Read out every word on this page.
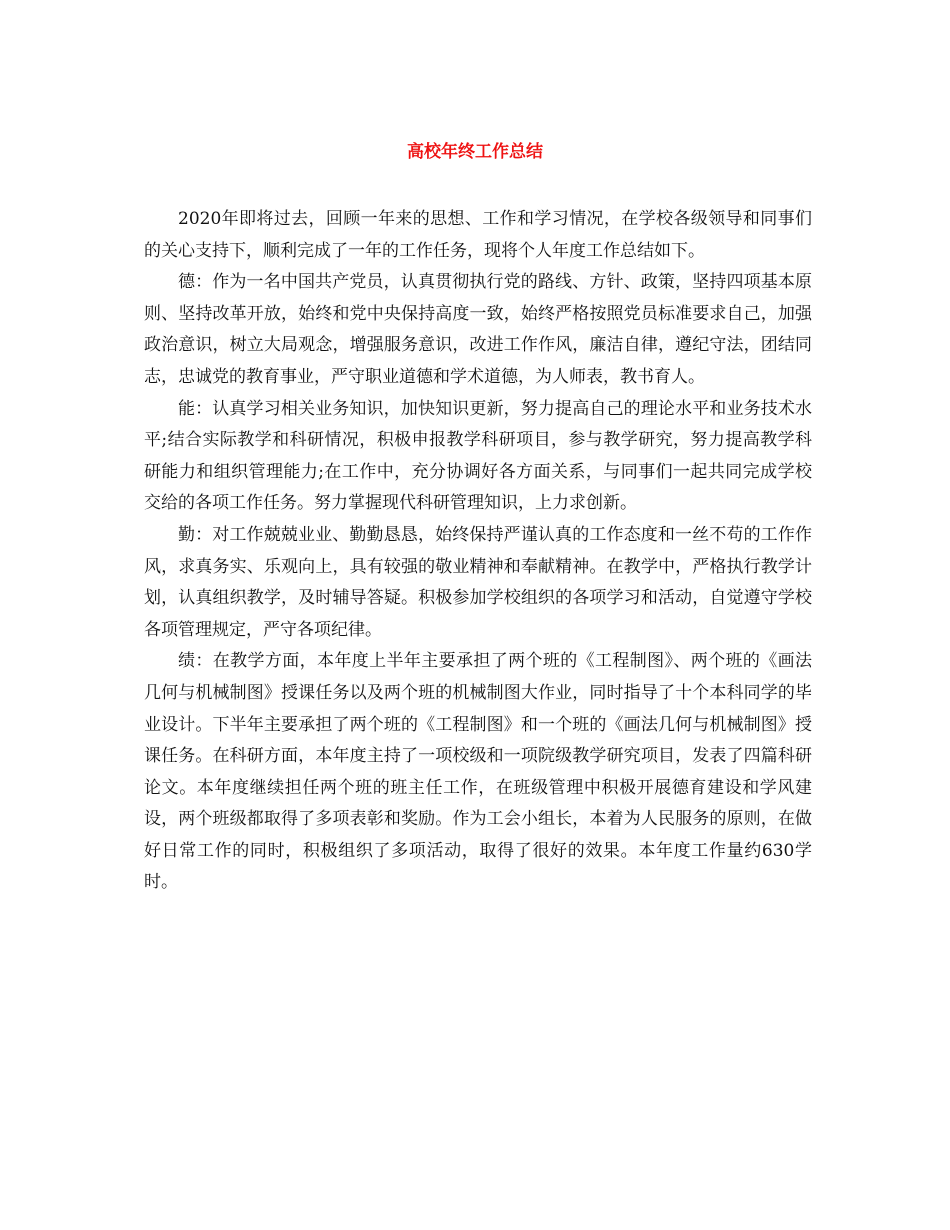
高校年终工作总结

2020年即将过去，回顾一年来的思想、工作和学习情况，在学校各级领导和同事们的关心支持下，顺利完成了一年的工作任务，现将个人年度工作总结如下。

德：作为一名中国共产党员，认真贯彻执行党的路线、方针、政策，坚持四项基本原则、坚持改革开放，始终和党中央保持高度一致，始终严格按照党员标准要求自己，加强政治意识，树立大局观念，增强服务意识，改进工作作风，廉洁自律，遵纪守法，团结同志，忠诚党的教育事业，严守职业道德和学术道德，为人师表，教书育人。

能：认真学习相关业务知识，加快知识更新，努力提高自己的理论水平和业务技术水平;结合实际教学和科研情况，积极申报教学科研项目，参与教学研究，努力提高教学科研能力和组织管理能力;在工作中，充分协调好各方面关系，与同事们一起共同完成学校交给的各项工作任务。努力掌握现代科研管理知识，上力求创新。

勤：对工作兢兢业业、勤勤恳恳，始终保持严谨认真的工作态度和一丝不苟的工作作风，求真务实、乐观向上，具有较强的敬业精神和奉献精神。在教学中，严格执行教学计划，认真组织教学，及时辅导答疑。积极参加学校组织的各项学习和活动，自觉遵守学校各项管理规定，严守各项纪律。

绩：在教学方面，本年度上半年主要承担了两个班的《工程制图》、两个班的《画法几何与机械制图》授课任务以及两个班的机械制图大作业，同时指导了十个本科同学的毕业设计。下半年主要承担了两个班的《工程制图》和一个班的《画法几何与机械制图》授课任务。在科研方面，本年度主持了一项校级和一项院级教学研究项目，发表了四篇科研论文。本年度继续担任两个班的班主任工作，在班级管理中积极开展德育建设和学风建设，两个班级都取得了多项表彰和奖励。作为工会小组长，本着为人民服务的原则，在做好日常工作的同时，积极组织了多项活动，取得了很好的效果。本年度工作量约630学时。
